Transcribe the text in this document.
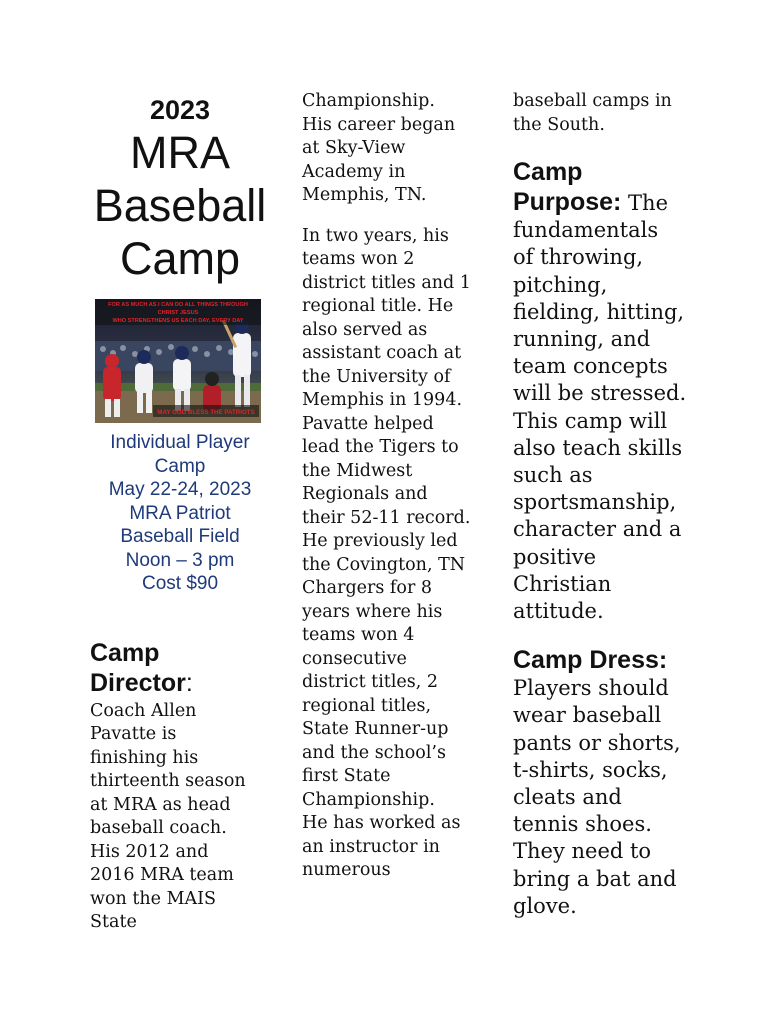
2023
MRA
Baseball
Camp
FOR AS MUCH AS I CAN DO ALL THINGS THROUGH
CHRIST JESUS
WHO STRENGTHENS US EACH DAY, EVERY DAY
MAY GOD BLESS THE PATRIOTS
Individual Player
Camp
May 22-24, 2023
MRA Patriot
Baseball Field
Noon – 3 pm
Cost $90
Camp
Director:
Coach Allen
Pavatte is
finishing his
thirteenth season
at MRA as head
baseball coach.
His 2012 and
2016 MRA team
won the MAIS
State
Championship.
His career began
at Sky-View
Academy in
Memphis, TN.
In two years, his
teams won 2
district titles and 1
regional title. He
also served as
assistant coach at
the University of
Memphis in 1994.
Pavatte helped
lead the Tigers to
the Midwest
Regionals and
their 52-11 record.
He previously led
the Covington, TN
Chargers for 8
years where his
teams won 4
consecutive
district titles, 2
regional titles,
State Runner-up
and the school’s
first State
Championship.
He has worked as
an instructor in
numerous
baseball camps in
the South.
Camp
Purpose: The
fundamentals
of throwing,
pitching,
fielding, hitting,
running, and
team concepts
will be stressed.
This camp will
also teach skills
such as
sportsmanship,
character and a
positive
Christian
attitude.
Camp Dress:
Players should
wear baseball
pants or shorts,
t-shirts, socks,
cleats and
tennis shoes.
They need to
bring a bat and
glove.
